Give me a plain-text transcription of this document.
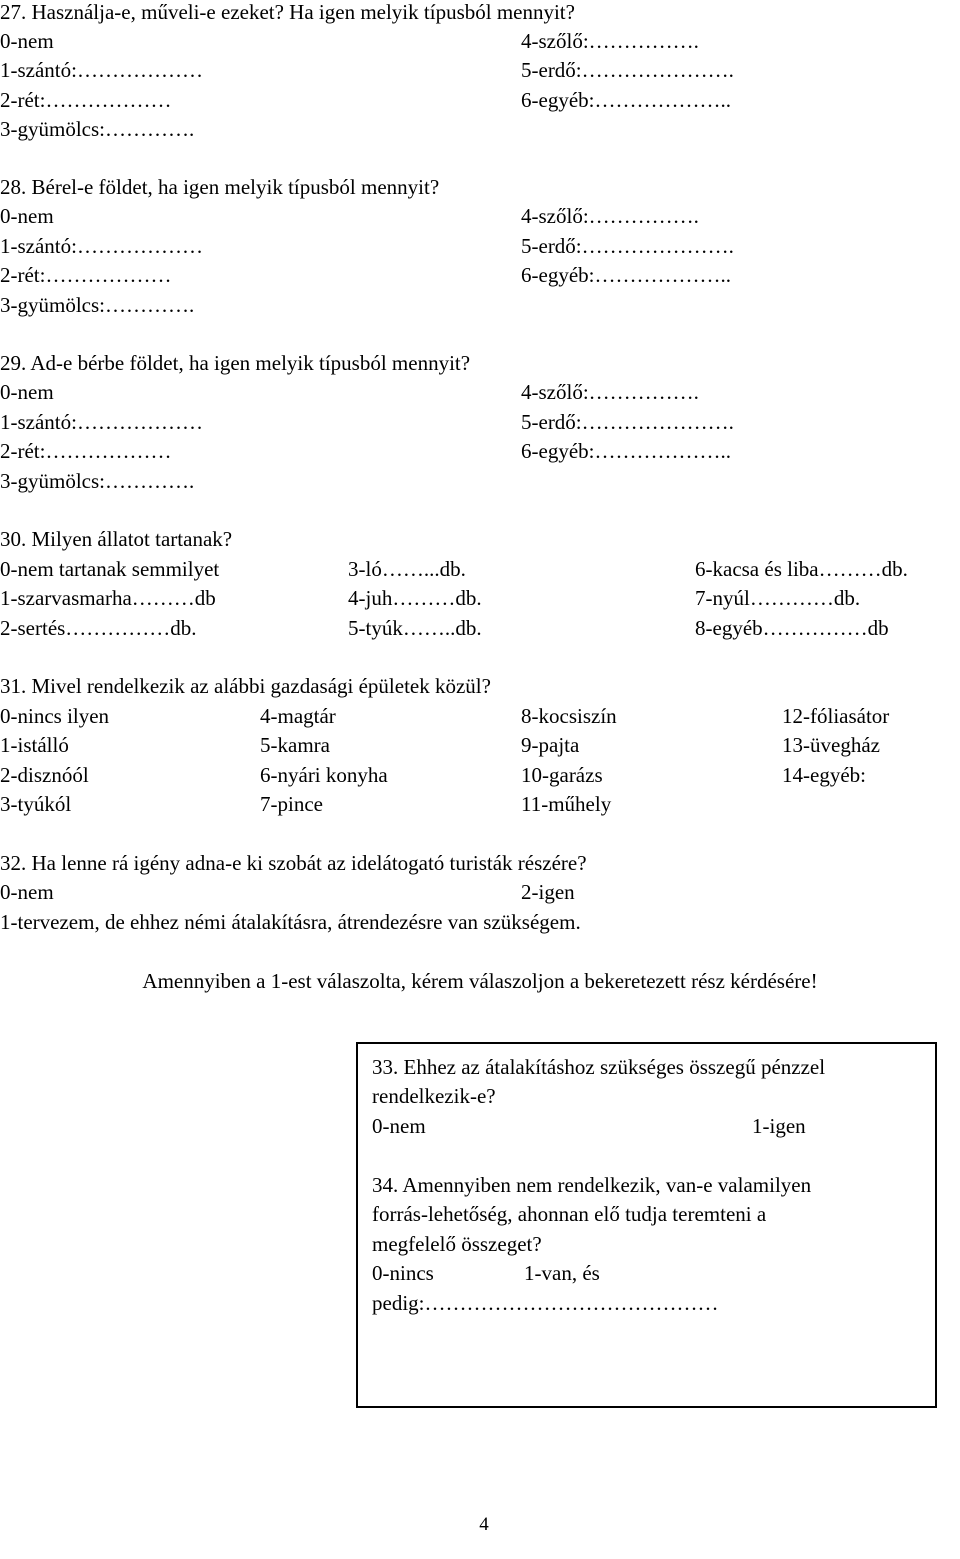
27. Használja-e, műveli-e ezeket? Ha igen melyik típusból mennyit?
0-nem
1-szántó:………………
2-rét:………………
3-gyümölcs:………….
4-szőlő:…………….
5-erdő:………………….
6-egyéb:………………..
28. Bérel-e földet, ha igen melyik típusból mennyit?
0-nem
1-szántó:………………
2-rét:………………
3-gyümölcs:………….
4-szőlő:…………….
5-erdő:………………….
6-egyéb:………………..
29. Ad-e bérbe földet, ha igen melyik típusból mennyit?
0-nem
1-szántó:………………
2-rét:………………
3-gyümölcs:………….
4-szőlő:…………….
5-erdő:………………….
6-egyéb:………………..
30. Milyen állatot tartanak?
0-nem tartanak semmilyet
1-szarvasmarha………db
2-sertés……………db.
3-ló……...db.
4-juh………db.
5-tyúk……..db.
6-kacsa és liba………db.
7-nyúl…………db.
8-egyéb……………db
31. Mivel rendelkezik az alábbi gazdasági épületek közül?
0-nincs ilyen
1-istálló
2-disznóól
3-tyúkól
4-magtár
5-kamra
6-nyári konyha
7-pince
8-kocsiszín
9-pajta
10-garázs
11-műhely
12-fóliasátor
13-üvegház
14-egyéb:
32. Ha lenne rá igény adna-e ki szobát az idelátogató turisták részére?
0-nem	2-igen
1-tervezem, de ehhez némi átalakításra, átrendezésre van szükségem.
Amennyiben a 1-est válaszolta, kérem válaszoljon a bekeretezett rész kérdésére!
33. Ehhez az átalakításhoz szükséges összegű pénzzel
rendelkezik-e?
0-nem	1-igen
34. Amennyiben nem rendelkezik, van-e valamilyen
forrás-lehetőség, ahonnan elő tudja teremteni a
megfelelő összeget?
0-nincs	1-van, és
pedig:……………………………………
4
